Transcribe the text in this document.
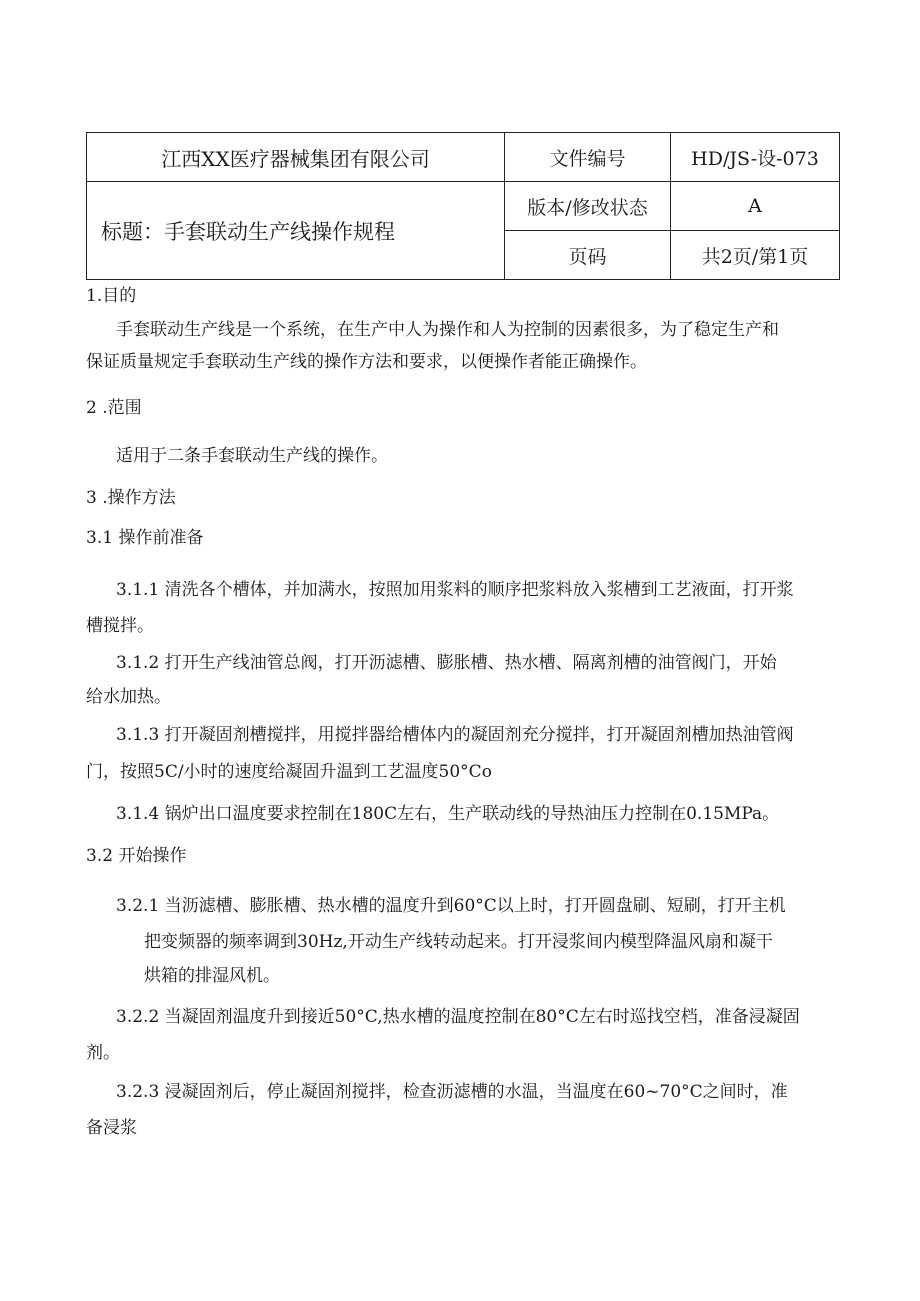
江西XX医疗器械集团有限公司	文件编号	HD/JS-设-073
标题：手套联动生产线操作规程	版本/修改状态	A
	页码	共2页/第1页
1.目的
手套联动生产线是一个系统，在生产中人为操作和人为控制的因素很多，为了稳定生产和
保证质量规定手套联动生产线的操作方法和要求，以便操作者能正确操作。
2 .范围
适用于二条手套联动生产线的操作。
3 .操作方法
3.1 操作前准备
3.1.1 清洗各个槽体，并加满水，按照加用浆料的顺序把浆料放入浆槽到工艺液面，打开浆
槽搅拌。
3.1.2 打开生产线油管总阀，打开沥滤槽、膨胀槽、热水槽、隔离剂槽的油管阀门，开始
给水加热。
3.1.3 打开凝固剂槽搅拌，用搅拌器给槽体内的凝固剂充分搅拌，打开凝固剂槽加热油管阀
门，按照5C/小时的速度给凝固升温到工艺温度50°Co
3.1.4 锅炉出口温度要求控制在180C左右，生产联动线的导热油压力控制在0.15MPa。
3.2 开始操作
3.2.1 当沥滤槽、膨胀槽、热水槽的温度升到60°C以上时，打开圆盘刷、短刷，打开主机
把变频器的频率调到30Hz,开动生产线转动起来。打开浸浆间内模型降温风扇和凝干
烘箱的排湿风机。
3.2.2 当凝固剂温度升到接近50°C,热水槽的温度控制在80°C左右时巡找空档，准备浸凝固
剂。
3.2.3 浸凝固剂后，停止凝固剂搅拌，检查沥滤槽的水温，当温度在60~70°C之间时，准
备浸浆
